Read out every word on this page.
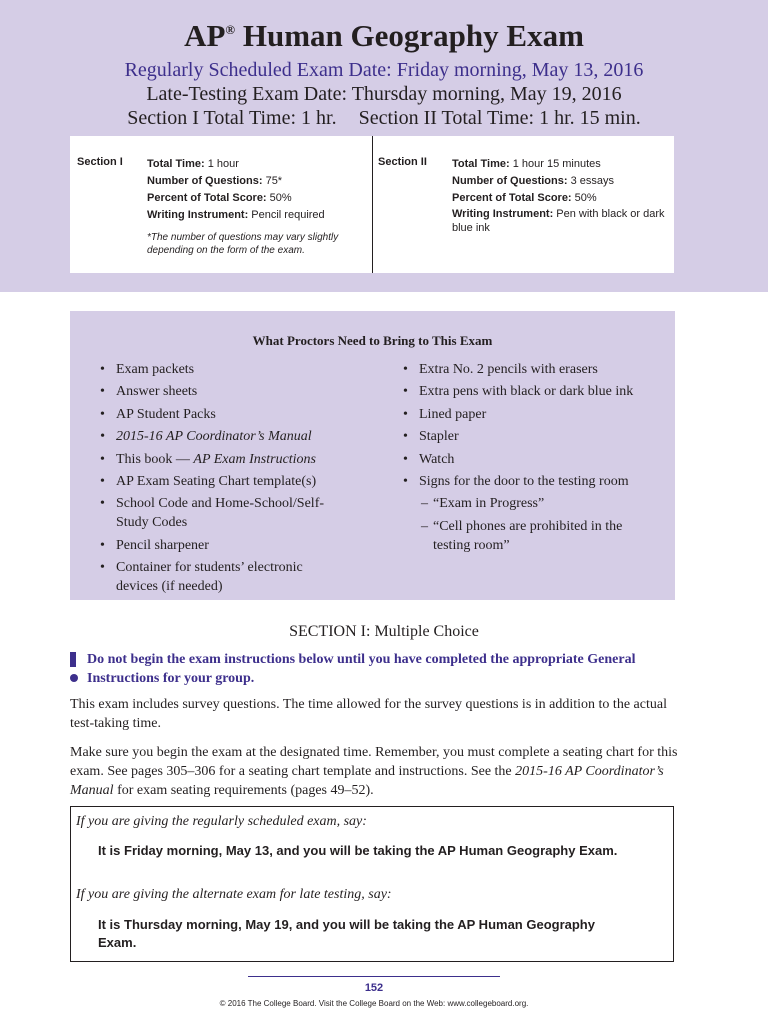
AP® Human Geography Exam
Regularly Scheduled Exam Date: Friday morning, May 13, 2016
Late-Testing Exam Date: Thursday morning, May 19, 2016
Section I Total Time: 1 hr. Section II Total Time: 1 hr. 15 min.
Section I Total Time: 1 hour
Number of Questions: 75*
Percent of Total Score: 50%
Writing Instrument: Pencil required
*The number of questions may vary slightly depending on the form of the exam.
Section II Total Time: 1 hour 15 minutes
Number of Questions: 3 essays
Percent of Total Score: 50%
Writing Instrument: Pen with black or dark blue ink
What Proctors Need to Bring to This Exam
• Exam packets
• Answer sheets
• AP Student Packs
• 2015-16 AP Coordinator’s Manual
• This book — AP Exam Instructions
• AP Exam Seating Chart template(s)
• School Code and Home-School/Self-Study Codes
• Pencil sharpener
• Container for students’ electronic devices (if needed)
• Extra No. 2 pencils with erasers
• Extra pens with black or dark blue ink
• Lined paper
• Stapler
• Watch
• Signs for the door to the testing room
– “Exam in Progress”
– “Cell phones are prohibited in the testing room”
SECTION I: Multiple Choice
Do not begin the exam instructions below until you have completed the appropriate General Instructions for your group.
This exam includes survey questions. The time allowed for the survey questions is in addition to the actual test-taking time.
Make sure you begin the exam at the designated time. Remember, you must complete a seating chart for this exam. See pages 305–306 for a seating chart template and instructions. See the 2015-16 AP Coordinator’s Manual for exam seating requirements (pages 49–52).
If you are giving the regularly scheduled exam, say:
It is Friday morning, May 13, and you will be taking the AP Human Geography Exam.
If you are giving the alternate exam for late testing, say:
It is Thursday morning, May 19, and you will be taking the AP Human Geography Exam.
152
© 2016 The College Board. Visit the College Board on the Web: www.collegeboard.org.
